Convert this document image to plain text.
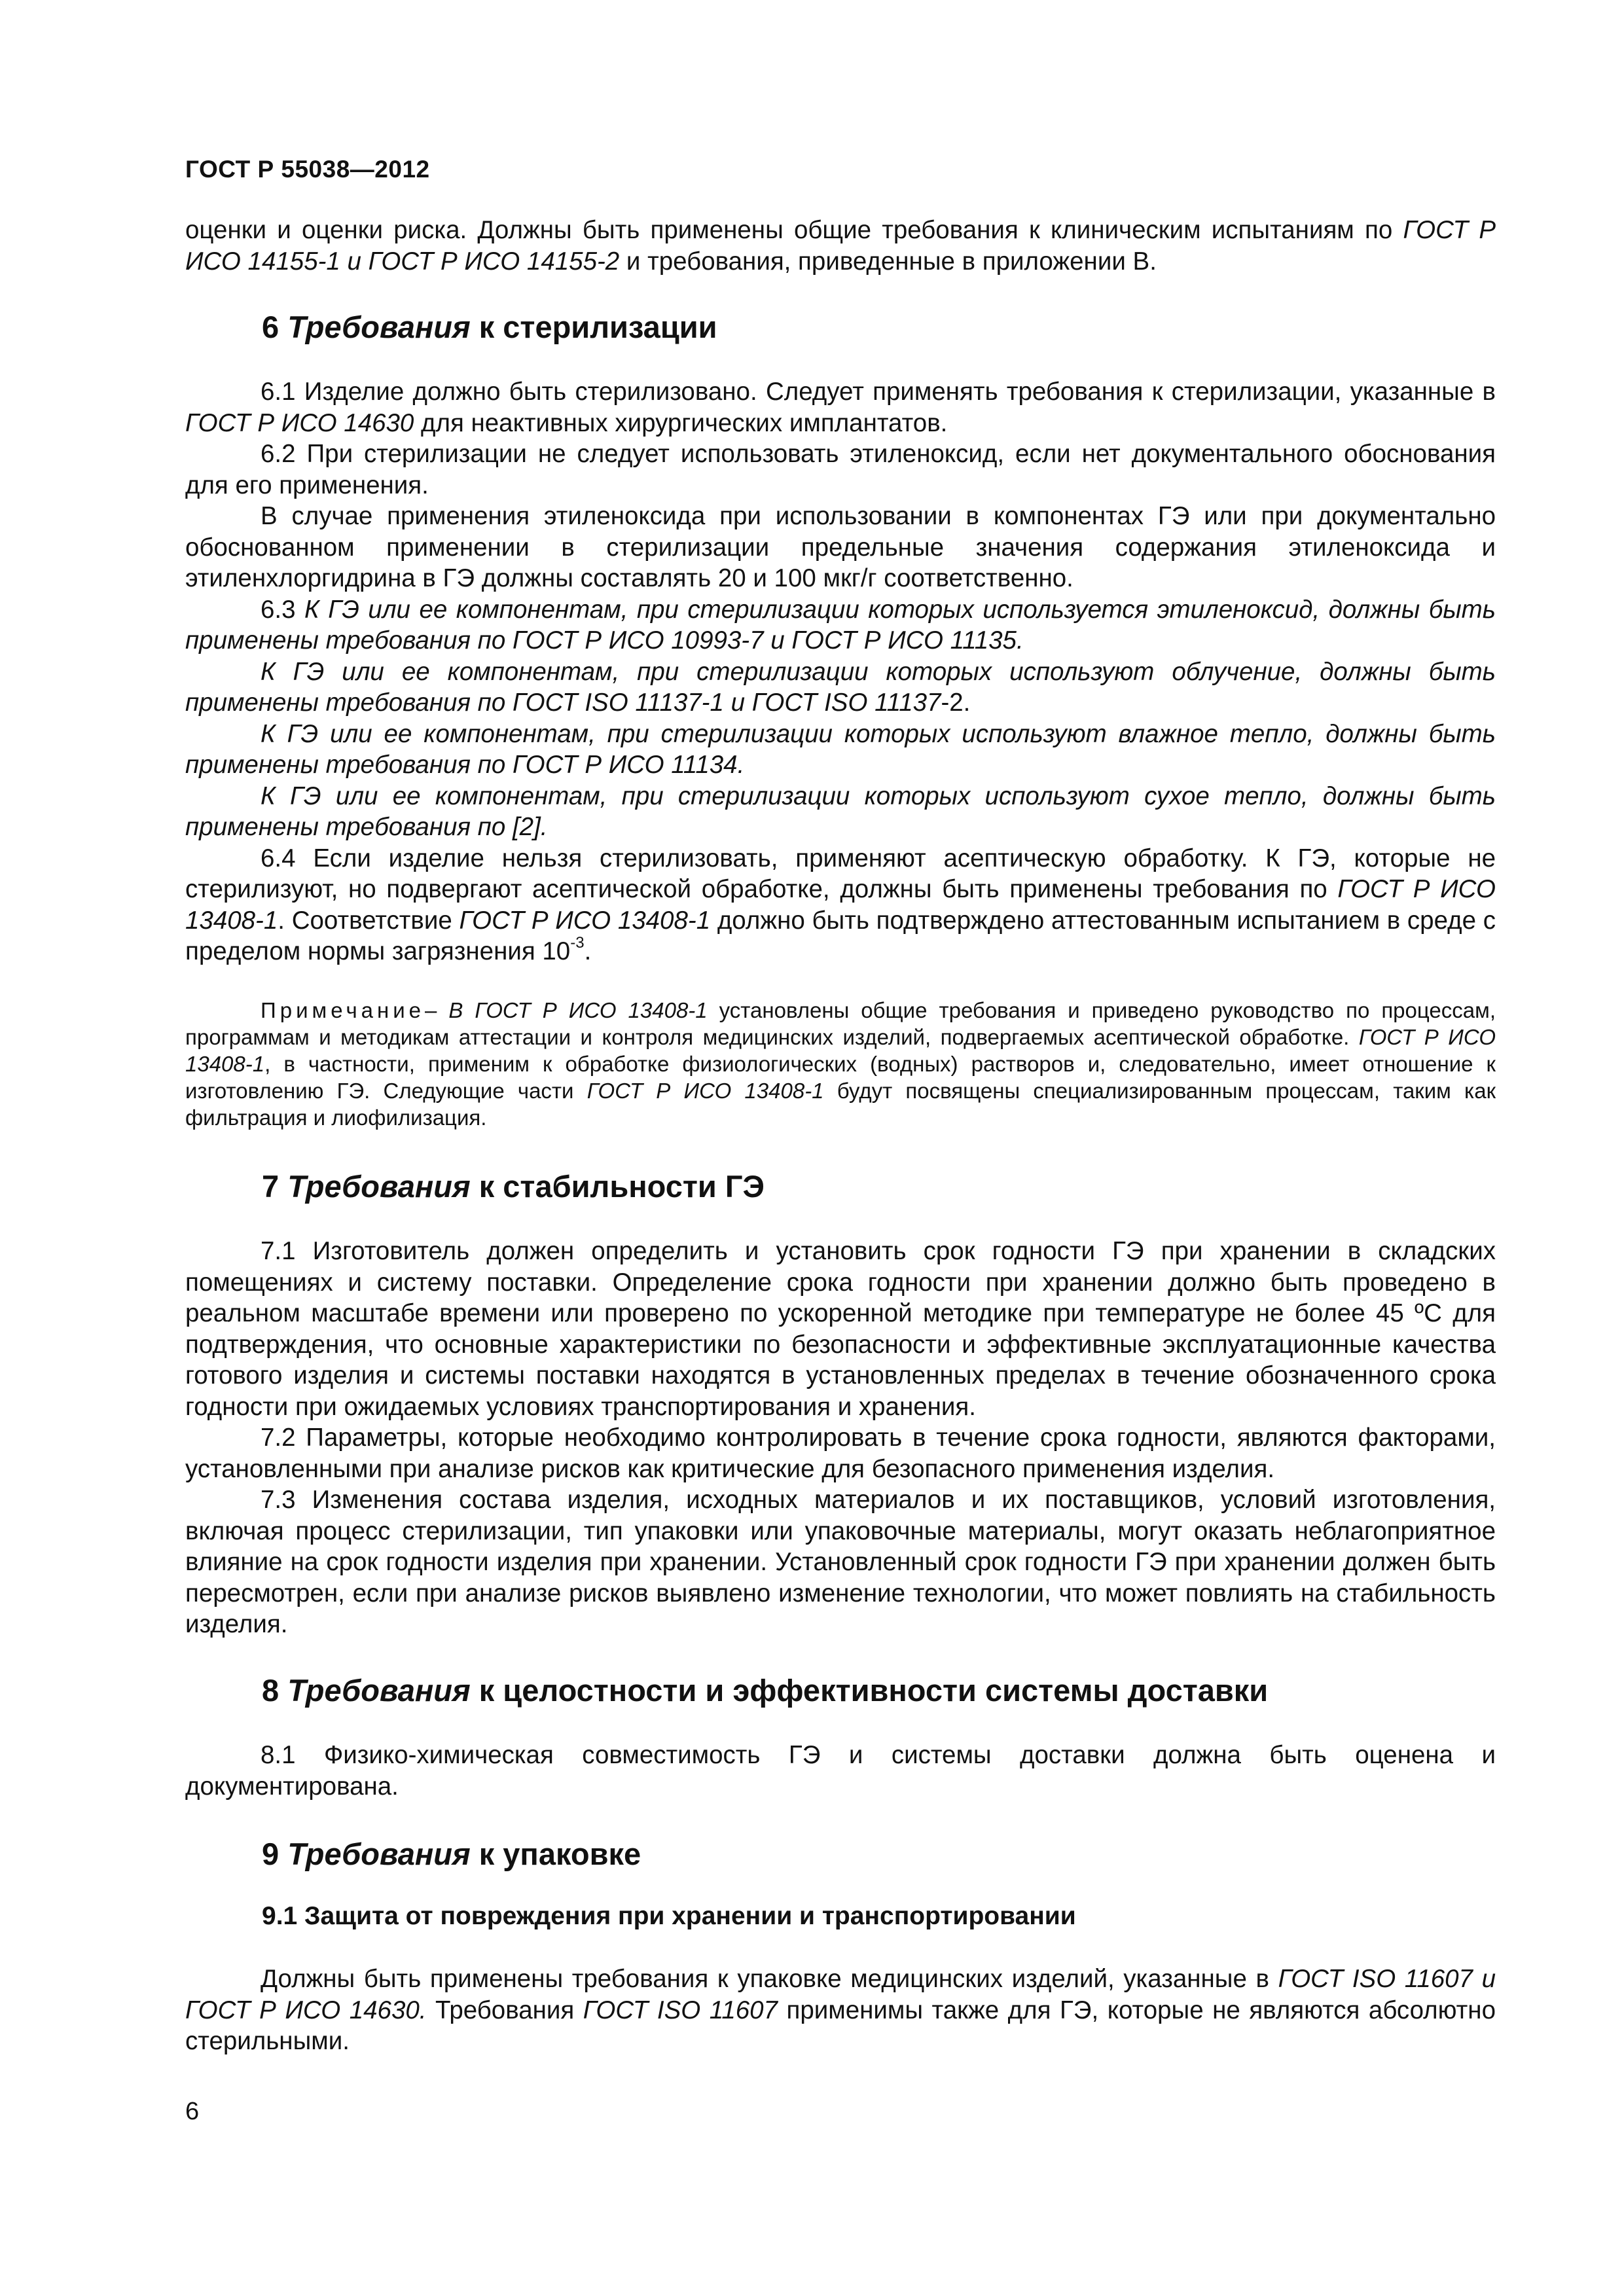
ГОСТ Р 55038—2012

оценки и оценки риска. Должны быть применены общие требования к клиническим испытаниям по ГОСТ Р ИСО 14155-1 и ГОСТ Р ИСО 14155-2 и требования, приведенные в приложении В.

6 Требования к стерилизации

6.1 Изделие должно быть стерилизовано. Следует применять требования к стерилизации, указанные в ГОСТ Р ИСО 14630 для неактивных хирургических имплантатов.

6.2 При стерилизации не следует использовать этиленоксид, если нет документального обоснования для его применения.

В случае применения этиленоксида при использовании в компонентах ГЭ или при документально обоснованном применении в стерилизации предельные значения содержания этиленоксида и этиленхлоргидрина в ГЭ должны составлять 20 и 100 мкг/г соответственно.

6.3 К ГЭ или ее компонентам, при стерилизации которых используется этиленоксид, должны быть применены требования по ГОСТ Р ИСО 10993-7 и ГОСТ Р ИСО 11135.

К ГЭ или ее компонентам, при стерилизации которых используют облучение, должны быть применены требования по ГОСТ ISO 11137-1 и ГОСТ ISO 11137-2.

К ГЭ или ее компонентам, при стерилизации которых используют влажное тепло, должны быть применены требования по ГОСТ Р ИСО 11134.

К ГЭ или ее компонентам, при стерилизации которых используют сухое тепло, должны быть применены требования по [2].

6.4 Если изделие нельзя стерилизовать, применяют асептическую обработку. К ГЭ, которые не стерилизуют, но подвергают асептической обработке, должны быть применены требования по ГОСТ Р ИСО 13408-1. Соответствие ГОСТ Р ИСО 13408-1 должно быть подтверждено аттестованным испытанием в среде с пределом нормы загрязнения $10^{-3}$.

Примечание– В ГОСТ Р ИСО 13408-1 установлены общие требования и приведено руководство по процессам, программам и методикам аттестации и контроля медицинских изделий, подвергаемых асептической обработке. ГОСТ Р ИСО 13408-1, в частности, применим к обработке физиологических (водных) растворов и, следовательно, имеет отношение к изготовлению ГЭ. Следующие части ГОСТ Р ИСО 13408-1 будут посвящены специализированным процессам, таким как фильтрация и лиофилизация.

7 Требования к стабильности ГЭ

7.1 Изготовитель должен определить и установить срок годности ГЭ при хранении в складских помещениях и систему поставки. Определение срока годности при хранении должно быть проведено в реальном масштабе времени или проверено по ускоренной методике при температуре не более 45 ºС для подтверждения, что основные характеристики по безопасности и эффективные эксплуатационные качества готового изделия и системы поставки находятся в установленных пределах в течение обозначенного срока годности при ожидаемых условиях транспортирования и хранения.

7.2 Параметры, которые необходимо контролировать в течение срока годности, являются факторами, установленными при анализе рисков как критические для безопасного применения изделия.

7.3 Изменения состава изделия, исходных материалов и их поставщиков, условий изготовления, включая процесс стерилизации, тип упаковки или упаковочные материалы, могут оказать неблагоприятное влияние на срок годности изделия при хранении. Установленный срок годности ГЭ при хранении должен быть пересмотрен, если при анализе рисков выявлено изменение технологии, что может повлиять на стабильность изделия.

8 Требования к целостности и эффективности системы доставки

8.1 Физико-химическая совместимость ГЭ и системы доставки должна быть оценена и документирована.

9 Требования к упаковке
9.1 Защита от повреждения при хранении и транспортировании

Должны быть применены требования к упаковке медицинских изделий, указанные в ГОСТ ISO 11607 и ГОСТ Р ИСО 14630. Требования ГОСТ ISO 11607 применимы также для ГЭ, которые не являются абсолютно стерильными.

6
